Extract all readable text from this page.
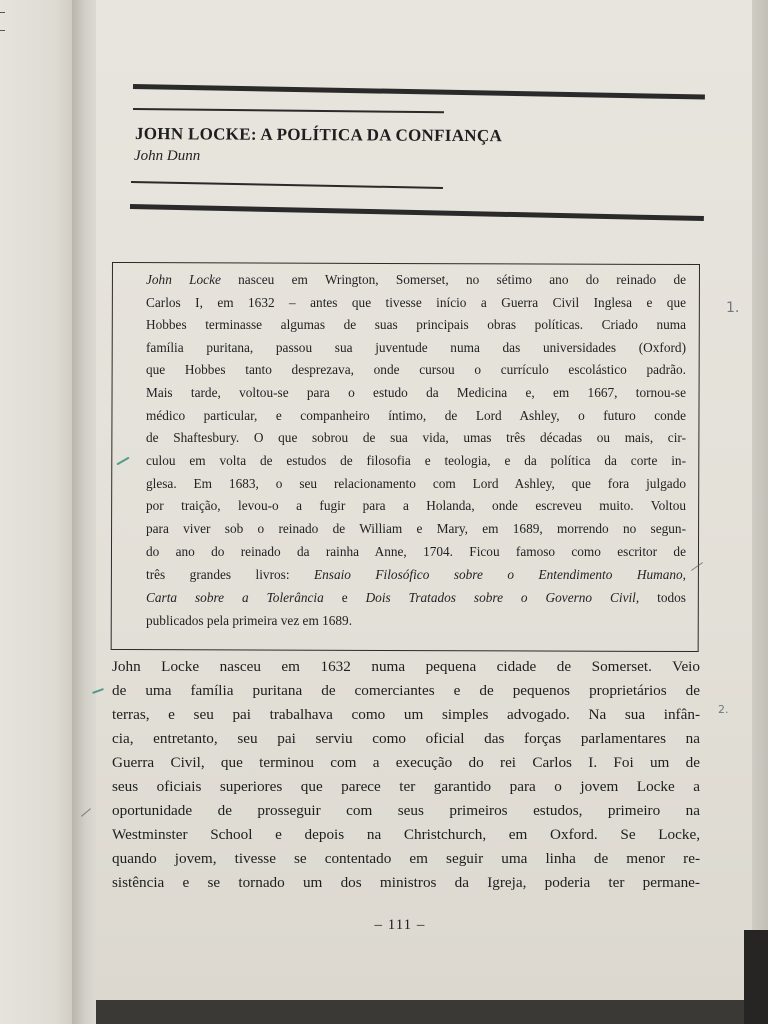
JOHN LOCKE: A POLÍTICA DA CONFIANÇA
John Dunn
John Locke nasceu em Wrington, Somerset, no sétimo ano do reinado de
Carlos I, em 1632 – antes que tivesse início a Guerra Civil Inglesa e que
Hobbes terminasse algumas de suas principais obras políticas. Criado numa
família puritana, passou sua juventude numa das universidades (Oxford)
que Hobbes tanto desprezava, onde cursou o currículo escolástico padrão.
Mais tarde, voltou-se para o estudo da Medicina e, em 1667, tornou-se
médico particular, e companheiro íntimo, de Lord Ashley, o futuro conde
de Shaftesbury. O que sobrou de sua vida, umas três décadas ou mais, cir-
culou em volta de estudos de filosofia e teologia, e da política da corte in-
glesa. Em 1683, o seu relacionamento com Lord Ashley, que fora julgado
por traição, levou-o a fugir para a Holanda, onde escreveu muito. Voltou
para viver sob o reinado de William e Mary, em 1689, morrendo no segun-
do ano do reinado da rainha Anne, 1704. Ficou famoso como escritor de
três grandes livros: Ensaio Filosófico sobre o Entendimento Humano,
Carta sobre a Tolerância e Dois Tratados sobre o Governo Civil, todos
publicados pela primeira vez em 1689.
John Locke nasceu em 1632 numa pequena cidade de Somerset. Veio
de uma família puritana de comerciantes e de pequenos proprietários de
terras, e seu pai trabalhava como um simples advogado. Na sua infân-
cia, entretanto, seu pai serviu como oficial das forças parlamentares na
Guerra Civil, que terminou com a execução do rei Carlos I. Foi um de
seus oficiais superiores que parece ter garantido para o jovem Locke a
oportunidade de prosseguir com seus primeiros estudos, primeiro na
Westminster School e depois na Christchurch, em Oxford. Se Locke,
quando jovem, tivesse se contentado em seguir uma linha de menor re-
sistência e se tornado um dos ministros da Igreja, poderia ter permane-
– 111 –
1.
2.
